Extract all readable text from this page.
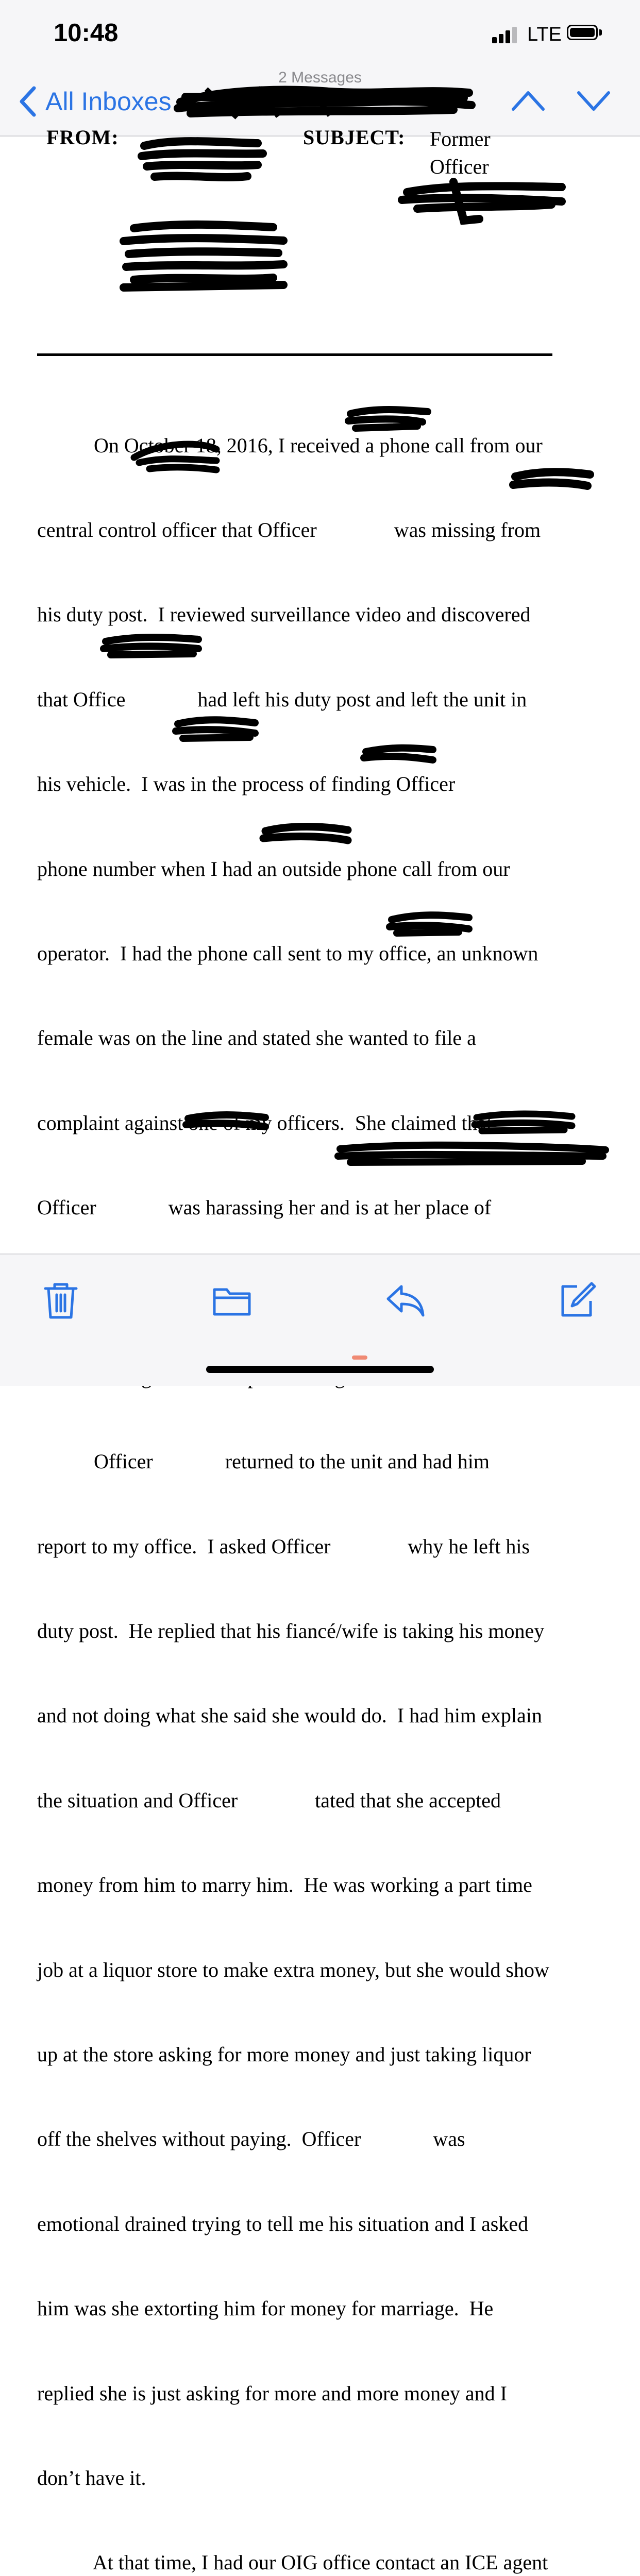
10:48	LTE
2 Messages
All Inboxes
FROM:	SUBJECT: Former
Officer

On October 18, 2016, I received a phone call from our

central control officer that Officer               was missing from

his duty post.  I reviewed surveillance video and discovered

that Office              had left his duty post and left the unit in

his vehicle.  I was in the process of finding Officer

phone number when I had an outside phone call from our

operator.  I had the phone call sent to my office, an unknown

female was on the line and stated she wanted to file a

complaint against one of my officers.  She claimed that

Officer              was harassing her and is at her place of

Officer              returned to the unit and had him

report to my office.  I asked Officer               why he left his

duty post.  He replied that his fiancé/wife is taking his money

and not doing what she said she would do.  I had him explain

the situation and Officer               tated that she accepted

money from him to marry him.  He was working a part time

job at a liquor store to make extra money, but she would show

up at the store asking for more money and just taking liquor

off the shelves without paying.  Officer              was

emotional drained trying to tell me his situation and I asked

him was she extorting him for money for marriage.  He

replied she is just asking for more and more money and I

don’t have it.

At that time, I had our OIG office contact an ICE agent
